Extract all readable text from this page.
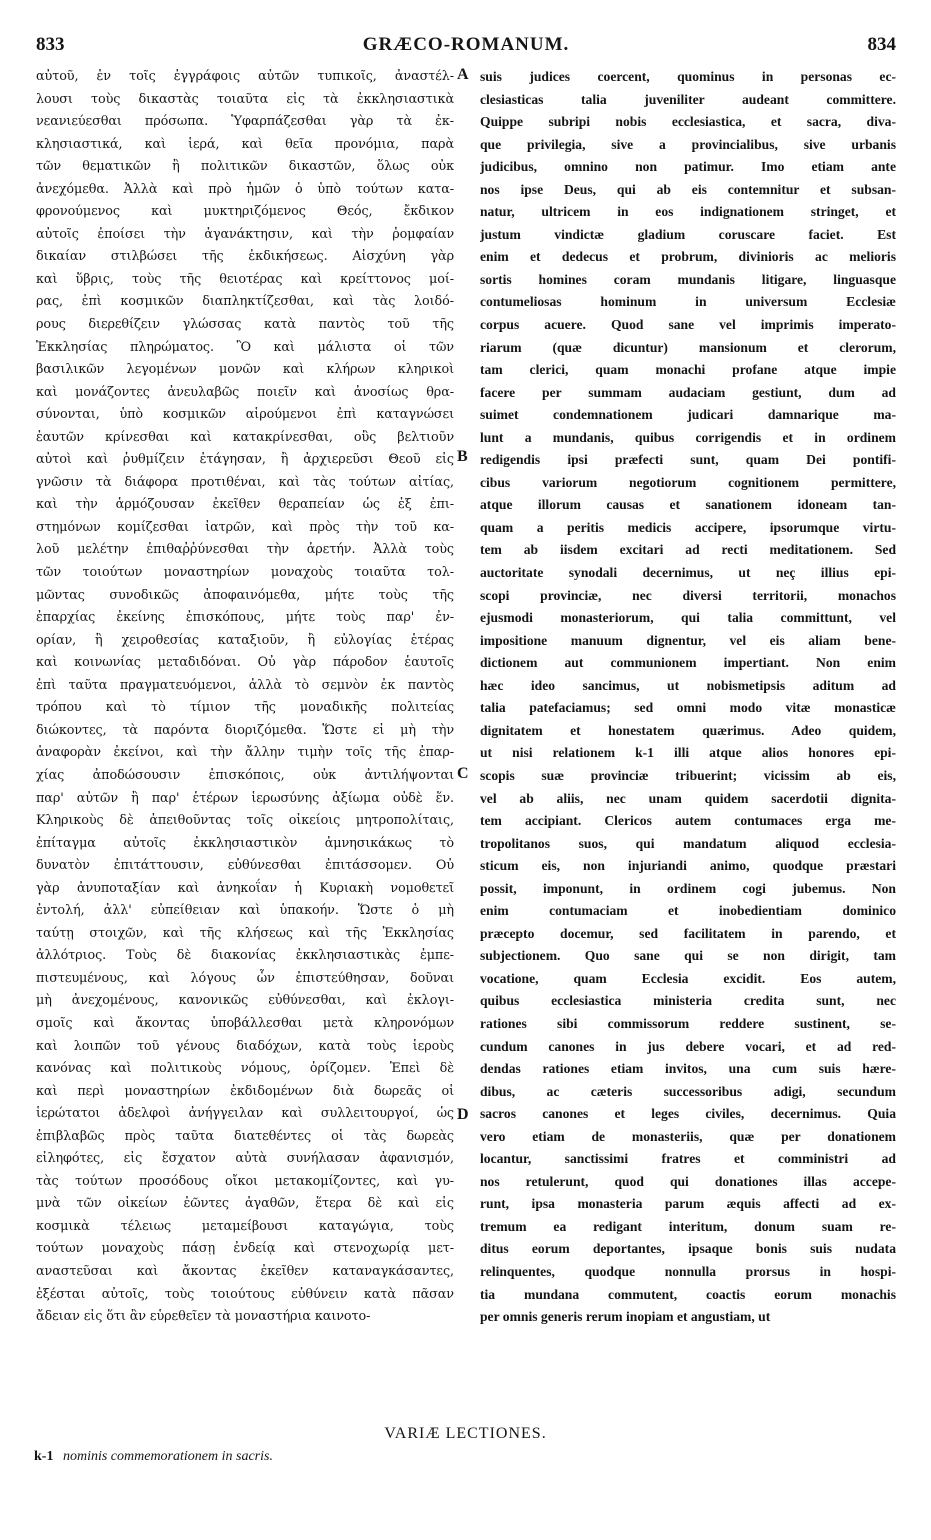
833	GRÆCO-ROMANUM.	834
αὐτοῦ, ἐν τοῖς ἐγγράφοις αὐτῶν τυπικοῖς, ἀναστέλ-
λουσι τοὺς δικαστὰς τοιαῦτα εἰς τὰ ἐκκλησιαστικὰ
νεανιεύεσθαι πρόσωπα. Ὑφαρπάζεσθαι γὰρ τὰ ἐκ-
κλησιαστικά, καὶ ἱερά, καὶ θεῖα προνόμια, παρὰ
τῶν θεματικῶν ἢ πολιτικῶν δικαστῶν, ὅλως οὐκ
ἀνεχόμεθα. Ἀλλὰ καὶ πρὸ ἡμῶν ὁ ὑπὸ τούτων κατα-
φρονούμενος καὶ μυκτηριζόμενος Θεός, ἔκδικον
αὐτοῖς ἐποίσει τὴν ἀγανάκτησιν, καὶ τὴν ῥομφαίαν
δικαίαν στιλβώσει τῆς ἐκδικήσεως. Αἰσχύνη γὰρ
καὶ ὕβρις, τοὺς τῆς θειοτέρας καὶ κρείττονος μοί-
ρας, ἐπὶ κοσμικῶν διαπληκτίζεσθαι, καὶ τὰς λοιδό-
ρους διερεθίζειν γλώσσας κατὰ παντὸς τοῦ τῆς
Ἐκκλησίας πληρώματος. Ὃ καὶ μάλιστα οἱ τῶν
βασιλικῶν λεγομένων μονῶν καὶ κλήρων κληρικοὶ
καὶ μονάζοντες ἀνευλαβῶς ποιεῖν καὶ ἀνοσίως θρα-
σύνονται, ὑπὸ κοσμικῶν αἱρούμενοι ἐπὶ καταγνώσει
ἑαυτῶν κρίνεσθαι καὶ κατακρίνεσθαι, οὓς βελτιοῦν
αὐτοὶ καὶ ῥυθμίζειν ἐτάγησαν, ἢ ἀρχιερεῦσι Θεοῦ εἰς
γνῶσιν τὰ διάφορα προτιθέναι, καὶ τὰς τούτων αἰτίας,
καὶ τὴν ἁρμόζουσαν ἐκεῖθεν θεραπείαν ὡς ἐξ ἐπι-
στημόνων κομίζεσθαι ἰατρῶν, καὶ πρὸς τὴν τοῦ κα-
λοῦ μελέτην ἐπιθαῤῥύνεσθαι τὴν ἀρετήν. Ἀλλὰ τοὺς
τῶν τοιούτων μοναστηρίων μοναχοὺς τοιαῦτα τολ-
μῶντας συνοδικῶς ἀποφαινόμεθα, μήτε τοὺς τῆς
ἐπαρχίας ἐκείνης ἐπισκόπους, μήτε τοὺς παρ' ἐν-
ορίαν, ἢ χειροθεσίας καταξιοῦν, ἢ εὐλογίας ἑτέρας
καὶ κοινωνίας μεταδιδόναι. Οὐ γὰρ πάροδον ἑαυτοῖς
ἐπὶ ταῦτα πραγματευόμενοι, ἀλλὰ τὸ σεμνὸν ἐκ παντὸς
τρόπου καὶ τὸ τίμιον τῆς μοναδικῆς πολιτείας
διώκοντες, τὰ παρόντα διοριζόμεθα. Ὥστε εἰ μὴ τὴν
ἀναφορὰν ἐκείνοι, καὶ τὴν ἄλλην τιμὴν τοῖς τῆς ἐπαρ-
χίας ἀποδώσουσιν ἐπισκόποις, οὐκ ἀντιλήψονται
παρ' αὐτῶν ἢ παρ' ἑτέρων ἱερωσύνης ἀξίωμα οὐδὲ ἕν.
Κληρικοὺς δὲ ἀπειθοῦντας τοῖς οἰκείοις μητροπολίταις,
ἐπίταγμα αὐτοῖς ἐκκλησιαστικὸν ἀμνησικάκως τὸ
δυνατὸν ἐπιτάττουσιν, εὐθύνεσθαι ἐπιτάσσομεν. Οὐ
γὰρ ἀνυποταξίαν καὶ ἀνηκοΐαν ἡ Κυριακὴ νομοθετεῖ
ἐντολή, ἀλλ' εὐπείθειαν καὶ ὑπακοήν. Ὥστε ὁ μὴ
ταύτῃ στοιχῶν, καὶ τῆς κλήσεως καὶ τῆς Ἐκκλησίας
ἀλλότριος. Τοὺς δὲ διακονίας ἐκκλησιαστικὰς ἐμπε-
πιστευμένους, καὶ λόγους ὧν ἐπιστεύθησαν, δοῦναι
μὴ ἀνεχομένους, κανονικῶς εὐθύνεσθαι, καὶ ἐκλογι-
σμοῖς καὶ ἄκοντας ὑποβάλλεσθαι μετὰ κληρονόμων
καὶ λοιπῶν τοῦ γένους διαδόχων, κατὰ τοὺς ἱεροὺς
κανόνας καὶ πολιτικοὺς νόμους, ὁρίζομεν. Ἐπεὶ δὲ
καὶ περὶ μοναστηρίων ἐκδιδομένων διὰ δωρεᾶς οἱ
ἱερώτατοι ἀδελφοὶ ἀνήγγειλαν καὶ συλλειτουργοί, ὡς
ἐπιβλαβῶς πρὸς ταῦτα διατεθέντες οἱ τὰς δωρεὰς
εἰληφότες, εἰς ἔσχατον αὐτὰ συνήλασαν ἀφανισμόν,
τὰς τούτων προσόδους οἴκοι μετακομίζοντες, καὶ γυ-
μνὰ τῶν οἰκείων ἐῶντες ἀγαθῶν, ἕτερα δὲ καὶ εἰς
κοσμικὰ τέλειως μεταμείβουσι καταγώγια, τοὺς
τούτων μοναχοὺς πάσῃ ἐνδείᾳ καὶ στενοχωρίᾳ μετ-
αναστεῦσαι καὶ ἄκοντας ἐκεῖθεν καταναγκάσαντες,
ἐξέσται αὐτοῖς, τοὺς τοιούτους εὐθύνειν κατὰ πᾶσαν
ἄδειαν εἰς ὅτι ἂν εὑρεθεῖεν τὰ μοναστήρια καινοτο-
suis judices coercent, quominus in personas ec-
clesiasticas talia juveniliter audeant committere.
Quippe subripi nobis ecclesiastica, et sacra, diva-
que privilegia, sive a provincialibus, sive urbanis
judicibus, omnino non patimur. Imo etiam ante
nos ipse Deus, qui ab eis contemnitur et subsan-
natur, ultricem in eos indignationem stringet, et
justum vindictæ gladium coruscare faciet. Est
enim et dedecus et probrum, divinioris ac melioris
sortis homines coram mundanis litigare, linguasque
contumeliosas hominum in universum Ecclesiæ
corpus acuere. Quod sane vel imprimis imperato-
riarum (quæ dicuntur) mansionum et clerorum,
tam clerici, quam monachi profane atque impie
facere per summam audaciam gestiunt, dum ad
suimet condemnationem judicari damnarique ma-
lunt a mundanis, quibus corrigendis et in ordinem
redigendis ipsi præfecti sunt, quam Dei pontifi-
cibus variorum negotiorum cognitionem permittere,
atque illorum causas et sanationem idoneam tan-
quam a peritis medicis accipere, ipsorumque virtu-
tem ab iisdem excitari ad recti meditationem. Sed
auctoritate synodali decernimus, ut neç illius epi-
scopi provinciæ, nec diversi territorii, monachos
ejusmodi monasteriorum, qui talia committunt, vel
impositione manuum dignentur, vel eis aliam bene-
dictionem aut communionem impertiant. Non enim
hæc ideo sancimus, ut nobismetipsis aditum ad
talia patefaciamus; sed omni modo vitæ monasticæ
dignitatem et honestatem quærimus. Adeo quidem,
ut nisi relationem k-1 illi atque alios honores epi-
scopis suæ provinciæ tribuerint; vicissim ab eis,
vel ab aliis, nec unam quidem sacerdotii dignita-
tem accipiant. Clericos autem contumaces erga me-
tropolitanos suos, qui mandatum aliquod ecclesia-
sticum eis, non injuriandi animo, quodque præstari
possit, imponunt, in ordinem cogi jubemus. Non
enim contumaciam et inobedientiam dominico
præcepto docemur, sed facilitatem in parendo, et
subjectionem. Quo sane qui se non dirigit, tam
vocatione, quam Ecclesia excidit. Eos autem,
quibus ecclesiastica ministeria credita sunt, nec
rationes sibi commissorum reddere sustinent, se-
cundum canones in jus debere vocari, et ad red-
dendas rationes etiam invitos, una cum suis hære-
dibus, ac cæteris successoribus adigi, secundum
sacros canones et leges civiles, decernimus. Quia
vero etiam de monasteriis, quæ per donationem
locantur, sanctissimi fratres et comministri ad
nos retulerunt, quod qui donationes illas accepe-
runt, ipsa monasteria parum æquis affecti ad ex-
tremum ea redigant interitum, donum suam re-
ditus eorum deportantes, ipsaque bonis suis nudata
relinquentes, quodque nonnulla prorsus in hospi-
tia mundana commutent, coactis eorum monachis
per omnis generis rerum inopiam et angustiam, ut
A
B
C
D
VARIÆ LECTIONES.
k-1 nominis commemorationem in sacris.
